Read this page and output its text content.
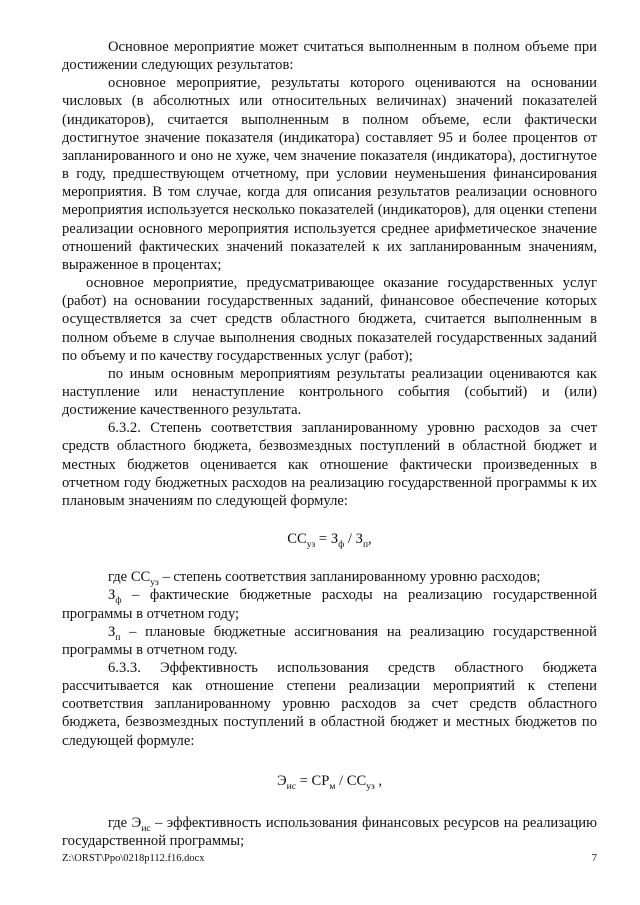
Основное мероприятие может считаться выполненным в полном объеме при достижении следующих результатов:

основное мероприятие, результаты которого оцениваются на основании числовых (в абсолютных или относительных величинах) значений показателей (индикаторов), считается выполненным в полном объеме, если фактически достигнутое значение показателя (индикатора) составляет 95 и более процентов от запланированного и оно не хуже, чем значение показателя (индикатора), достигнутое в году, предшествующем отчетному, при условии неуменьшения финансирования мероприятия. В том случае, когда для описания результатов реализации основного мероприятия используется несколько показателей (индикаторов), для оценки степени реализации основного мероприятия используется среднее арифметическое значение отношений фактических значений показателей к их запланированным значениям, выраженное в процентах;

основное мероприятие, предусматривающее оказание государственных услуг (работ) на основании государственных заданий, финансовое обеспечение которых осуществляется за счет средств областного бюджета, считается выполненным в полном объеме в случае выполнения сводных показателей государственных заданий по объему и по качеству государственных услуг (работ);

по иным основным мероприятиям результаты реализации оцениваются как наступление или ненаступление контрольного события (событий) и (или) достижение качественного результата.

6.3.2. Степень соответствия запланированному уровню расходов за счет средств областного бюджета, безвозмездных поступлений в областной бюджет и местных бюджетов оценивается как отношение фактически произведенных в отчетном году бюджетных расходов на реализацию государственной программы к их плановым значениям по следующей формуле:

$СС_{уз} = З_ф / З_п$,

где $СС_{уз}$ – степень соответствия запланированному уровню расходов;

$З_ф$ – фактические бюджетные расходы на реализацию государственной программы в отчетном году;

$З_п$ – плановые бюджетные ассигнования на реализацию государственной программы в отчетном году.

6.3.3. Эффективность использования средств областного бюджета рассчитывается как отношение степени реализации мероприятий к степени соответствия запланированному уровню расходов за счет средств областного бюджета, безвозмездных поступлений в областной бюджет и местных бюджетов по следующей формуле:

$Э_{ис} = СР_м / СС_{уз}$ ,

где $Э_{ис}$ – эффективность использования финансовых ресурсов на реализацию государственной программы;

Z:\ORST\Ppo\0218p112.f16.docx	7
